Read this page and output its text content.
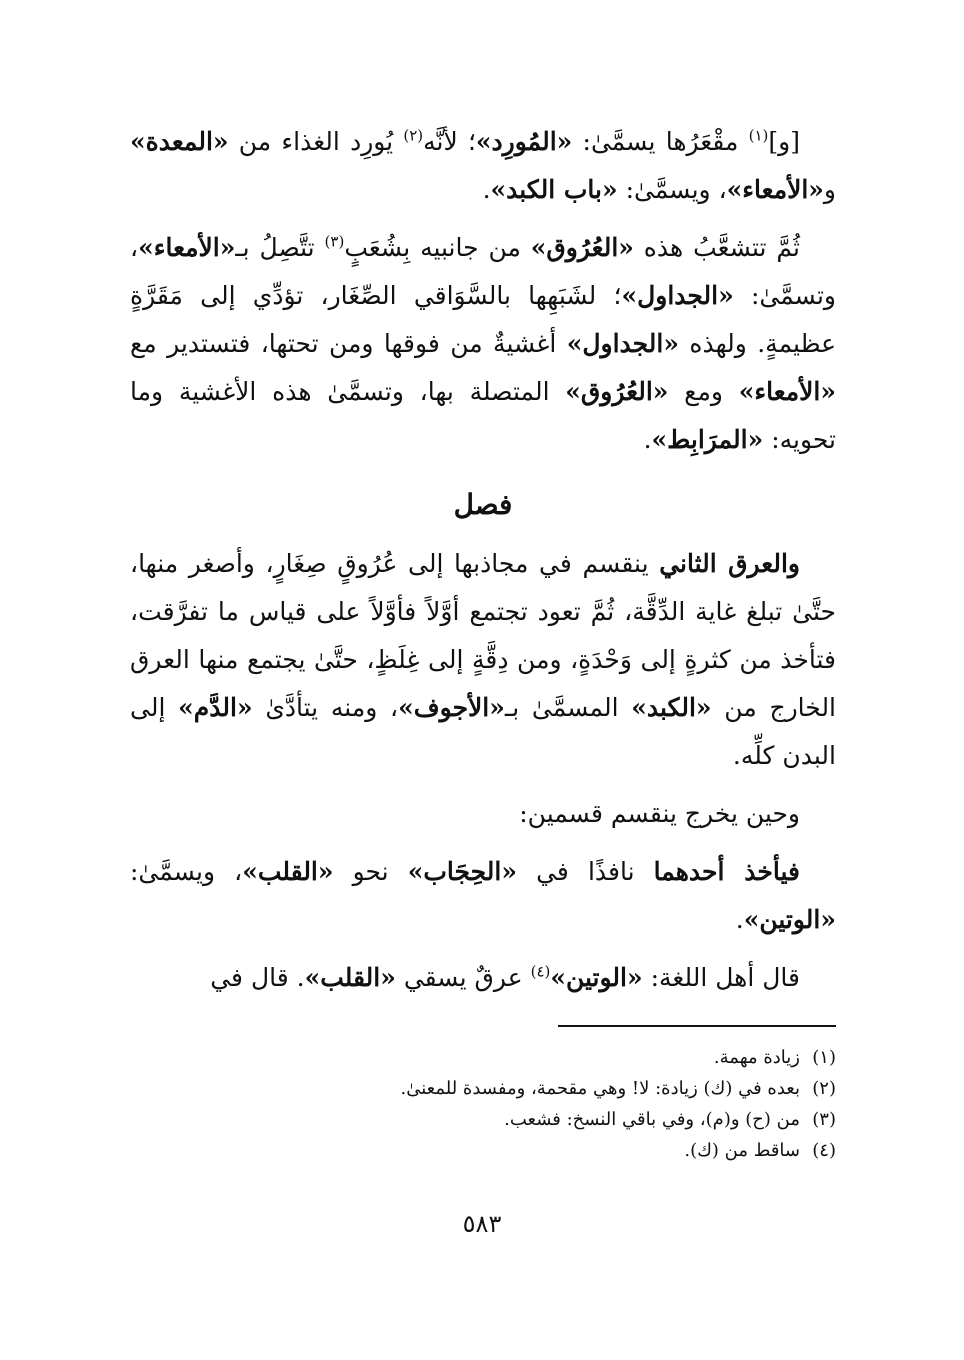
[و]$^{(١)}$ مقْعَرُها يسمَّىٰ: «المُورِد»؛ لأنَّه$^{(٢)}$ يُورِد الغذاء من «المعدة» و«الأمعاء»، ويسمَّىٰ: «باب الكبد».

ثُمَّ تتشعَّبُ هذه «العُرُوق» من جانبيه بِشُعَبٍ$^{(٣)}$ تتَّصِلُ بـ«الأمعاء»، وتسمَّىٰ: «الجداول»؛ لشَبَهِها بالسَّوَاقي الصِّغَار، تؤدِّي إلى مَقَرَّةٍ عظيمةٍ. ولهذه «الجداول» أغشيةٌ من فوقها ومن تحتها، فتستدير مع «الأمعاء» ومع «العُرُوق» المتصلة بها، وتسمَّىٰ هذه الأغشية وما تحويه: «المرَابِط».

فصل

والعرق الثاني ينقسم في مجاذبها إلى عُرُوقٍ صِغَارٍ، وأصغر منها، حتَّىٰ تبلغ غاية الدِّقَّة، ثُمَّ تعود تجتمع أوَّلاً فأوَّلاً على قياس ما تفرَّقت، فتأخذ من كثرةٍ إلى وَحْدَةٍ، ومن دِقَّةٍ إلى غِلَظٍ، حتَّىٰ يجتمع منها العرق الخارج من «الكبد» المسمَّىٰ بـ«الأجوف»، ومنه يتأدَّىٰ «الدَّم» إلى البدن كلِّه.

وحين يخرج ينقسم قسمين:

فيأخذ أحدهما نافذًا في «الحِجَاب» نحو «القلب»، ويسمَّىٰ: «الوتين».

قال أهل اللغة: «الوتين»$^{(٤)}$ عرقٌ يسقي «القلب». قال في

(١)زيادة مهمة.
(٢)بعده في (ك) زيادة: لا! وهي مقحمة، ومفسدة للمعنىٰ.
(٣)من (ح) و(م)، وفي باقي النسخ: فشعب.
(٤)ساقط من (ك).
٥٨٣
